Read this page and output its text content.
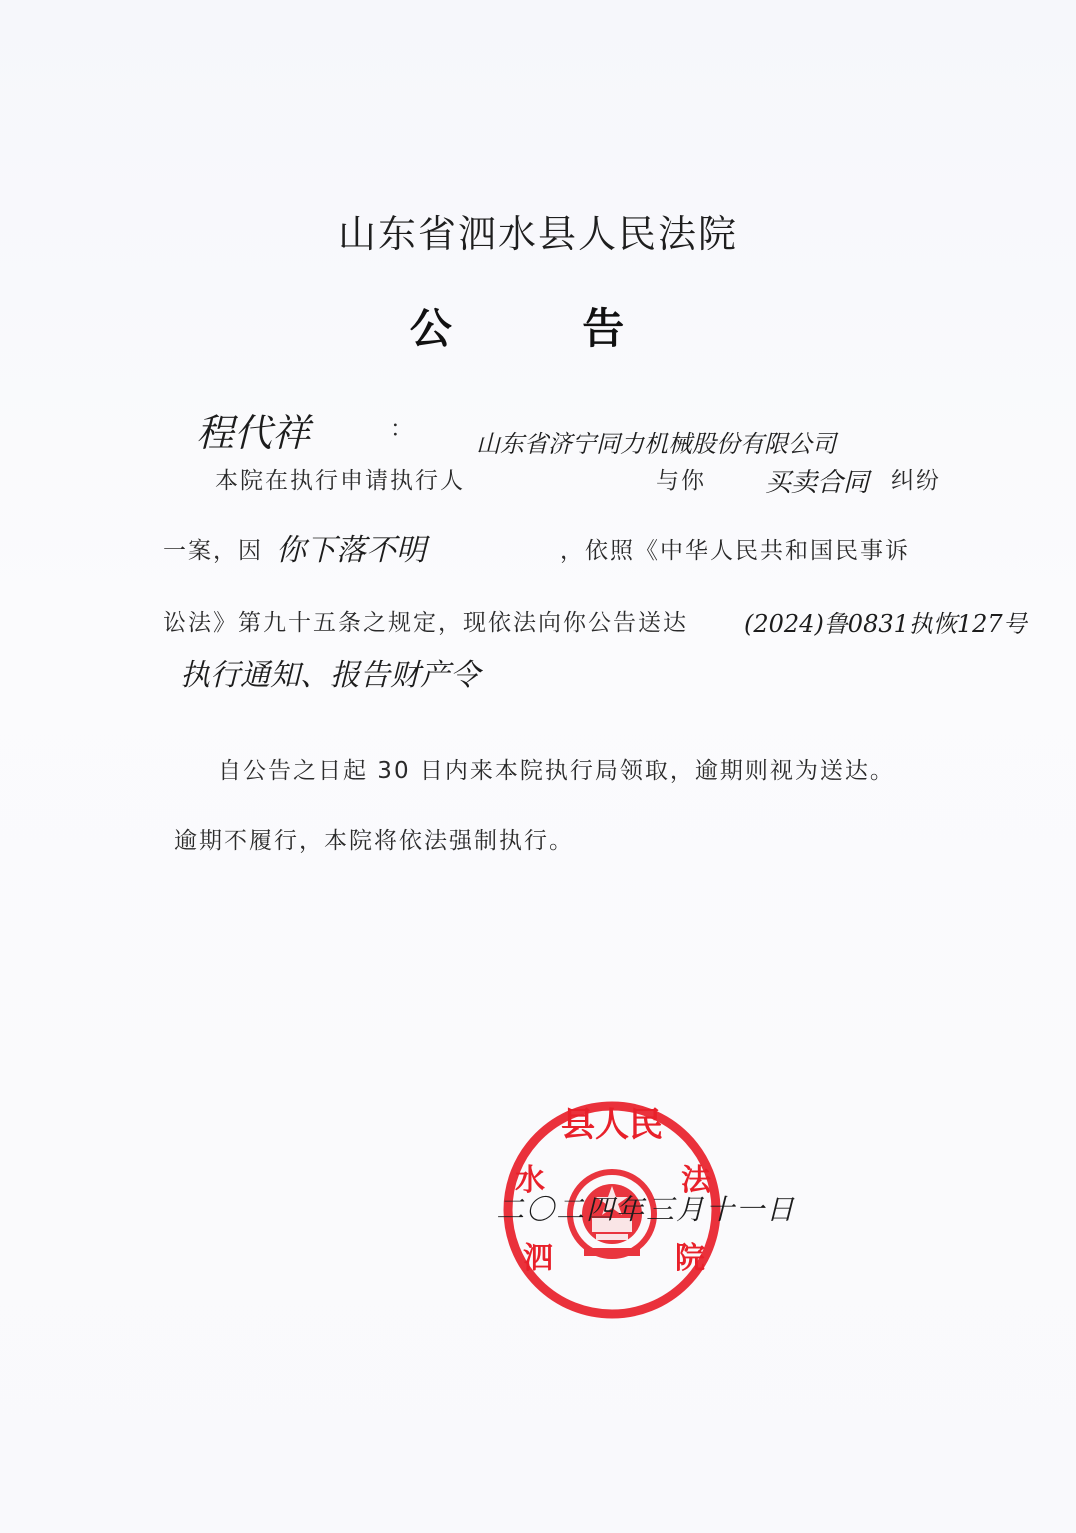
山东省泗水县人民法院
公 告
程代祥	：
本院在执行申请执行人
山东省济宁同力机械股份有限公司
与你 买卖合同 纠纷
一案，因 你下落不明	，依照《中华人民共和国民事诉
讼法》第九十五条之规定，现依法向你公告送达 (2024)鲁0831执恢127号
执行通知、报告财产令
自公告之日起 30 日内来本院执行局领取，逾期则视为送达。
逾期不履行，本院将依法强制执行。
县人民
水	法
泗	院
二〇二四年三月十一日
